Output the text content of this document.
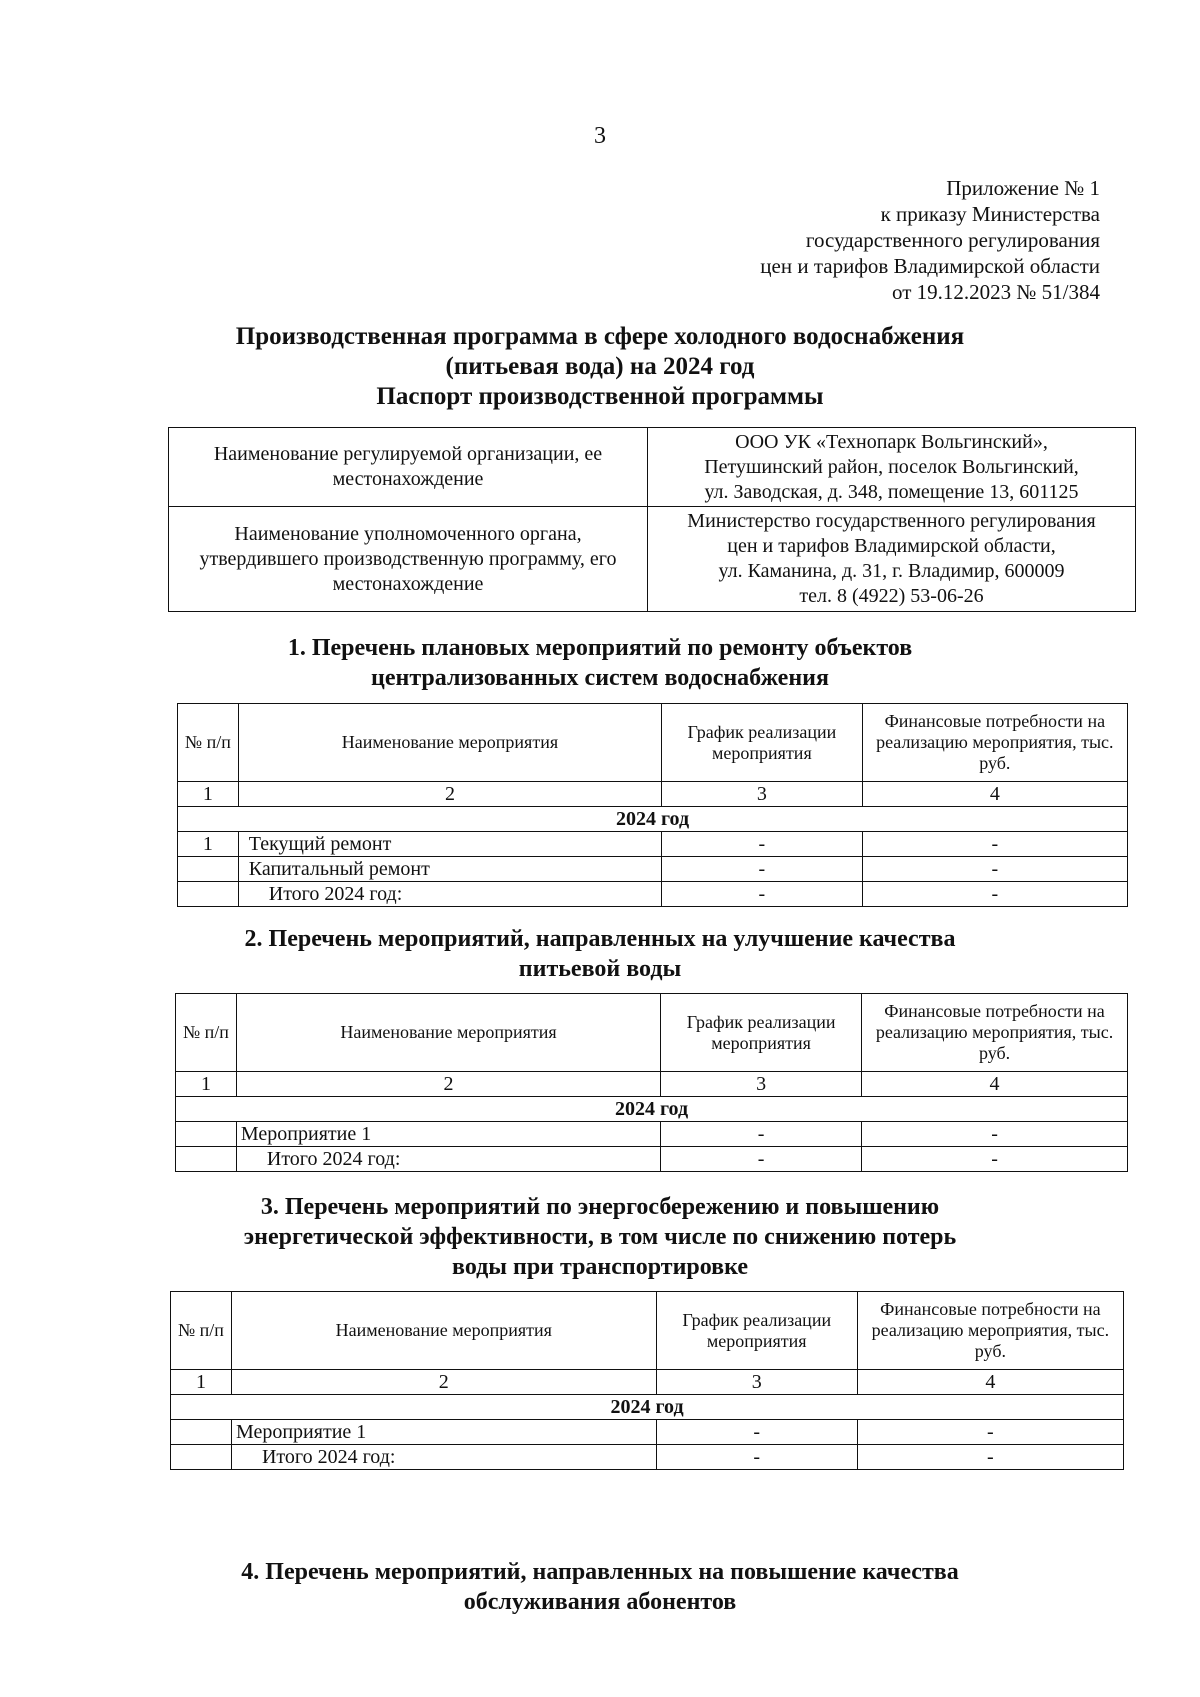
3
Приложение № 1
к приказу Министерства
государственного регулирования
цен и тарифов Владимирской области
от 19.12.2023 № 51/384
Производственная программа в сфере холодного водоснабжения
(питьевая вода) на 2024 год
Паспорт производственной программы
Наименование регулируемой организации, ее местонахождение	ООО УК «Технопарк Вольгинский»,
Петушинский район, поселок Вольгинский,
ул. Заводская, д. 348, помещение 13, 601125

Наименование уполномоченного органа, утвердившего производственную программу, его местонахождение	Министерство государственного регулирования
цен и тарифов Владимирской области,
ул. Каманина, д. 31, г. Владимир, 600009
тел. 8 (4922) 53-06-26
1. Перечень плановых мероприятий по ремонту объектов
централизованных систем водоснабжения
№ п/п	Наименование мероприятия	График реализации мероприятия	Финансовые потребности на реализацию мероприятия, тыс. руб.
1	2	3	4
2024 год			
1	Текущий ремонт	-	-
	Капитальный ремонт	-	-
	Итого 2024 год:	-	-
2. Перечень мероприятий, направленных на улучшение качества
питьевой воды
№ п/п	Наименование мероприятия	График реализации мероприятия	Финансовые потребности на реализацию мероприятия, тыс. руб.
1	2	3	4
2024 год			
	Мероприятие 1	-	-
	Итого 2024 год:	-	-
3. Перечень мероприятий по энергосбережению и повышению
энергетической эффективности, в том числе по снижению потерь
воды при транспортировке
№ п/п	Наименование мероприятия	График реализации мероприятия	Финансовые потребности на реализацию мероприятия, тыс. руб.
1	2	3	4
2024 год			
	Мероприятие 1	-	-
	Итого 2024 год:	-	-
4. Перечень мероприятий, направленных на повышение качества
обслуживания абонентов
